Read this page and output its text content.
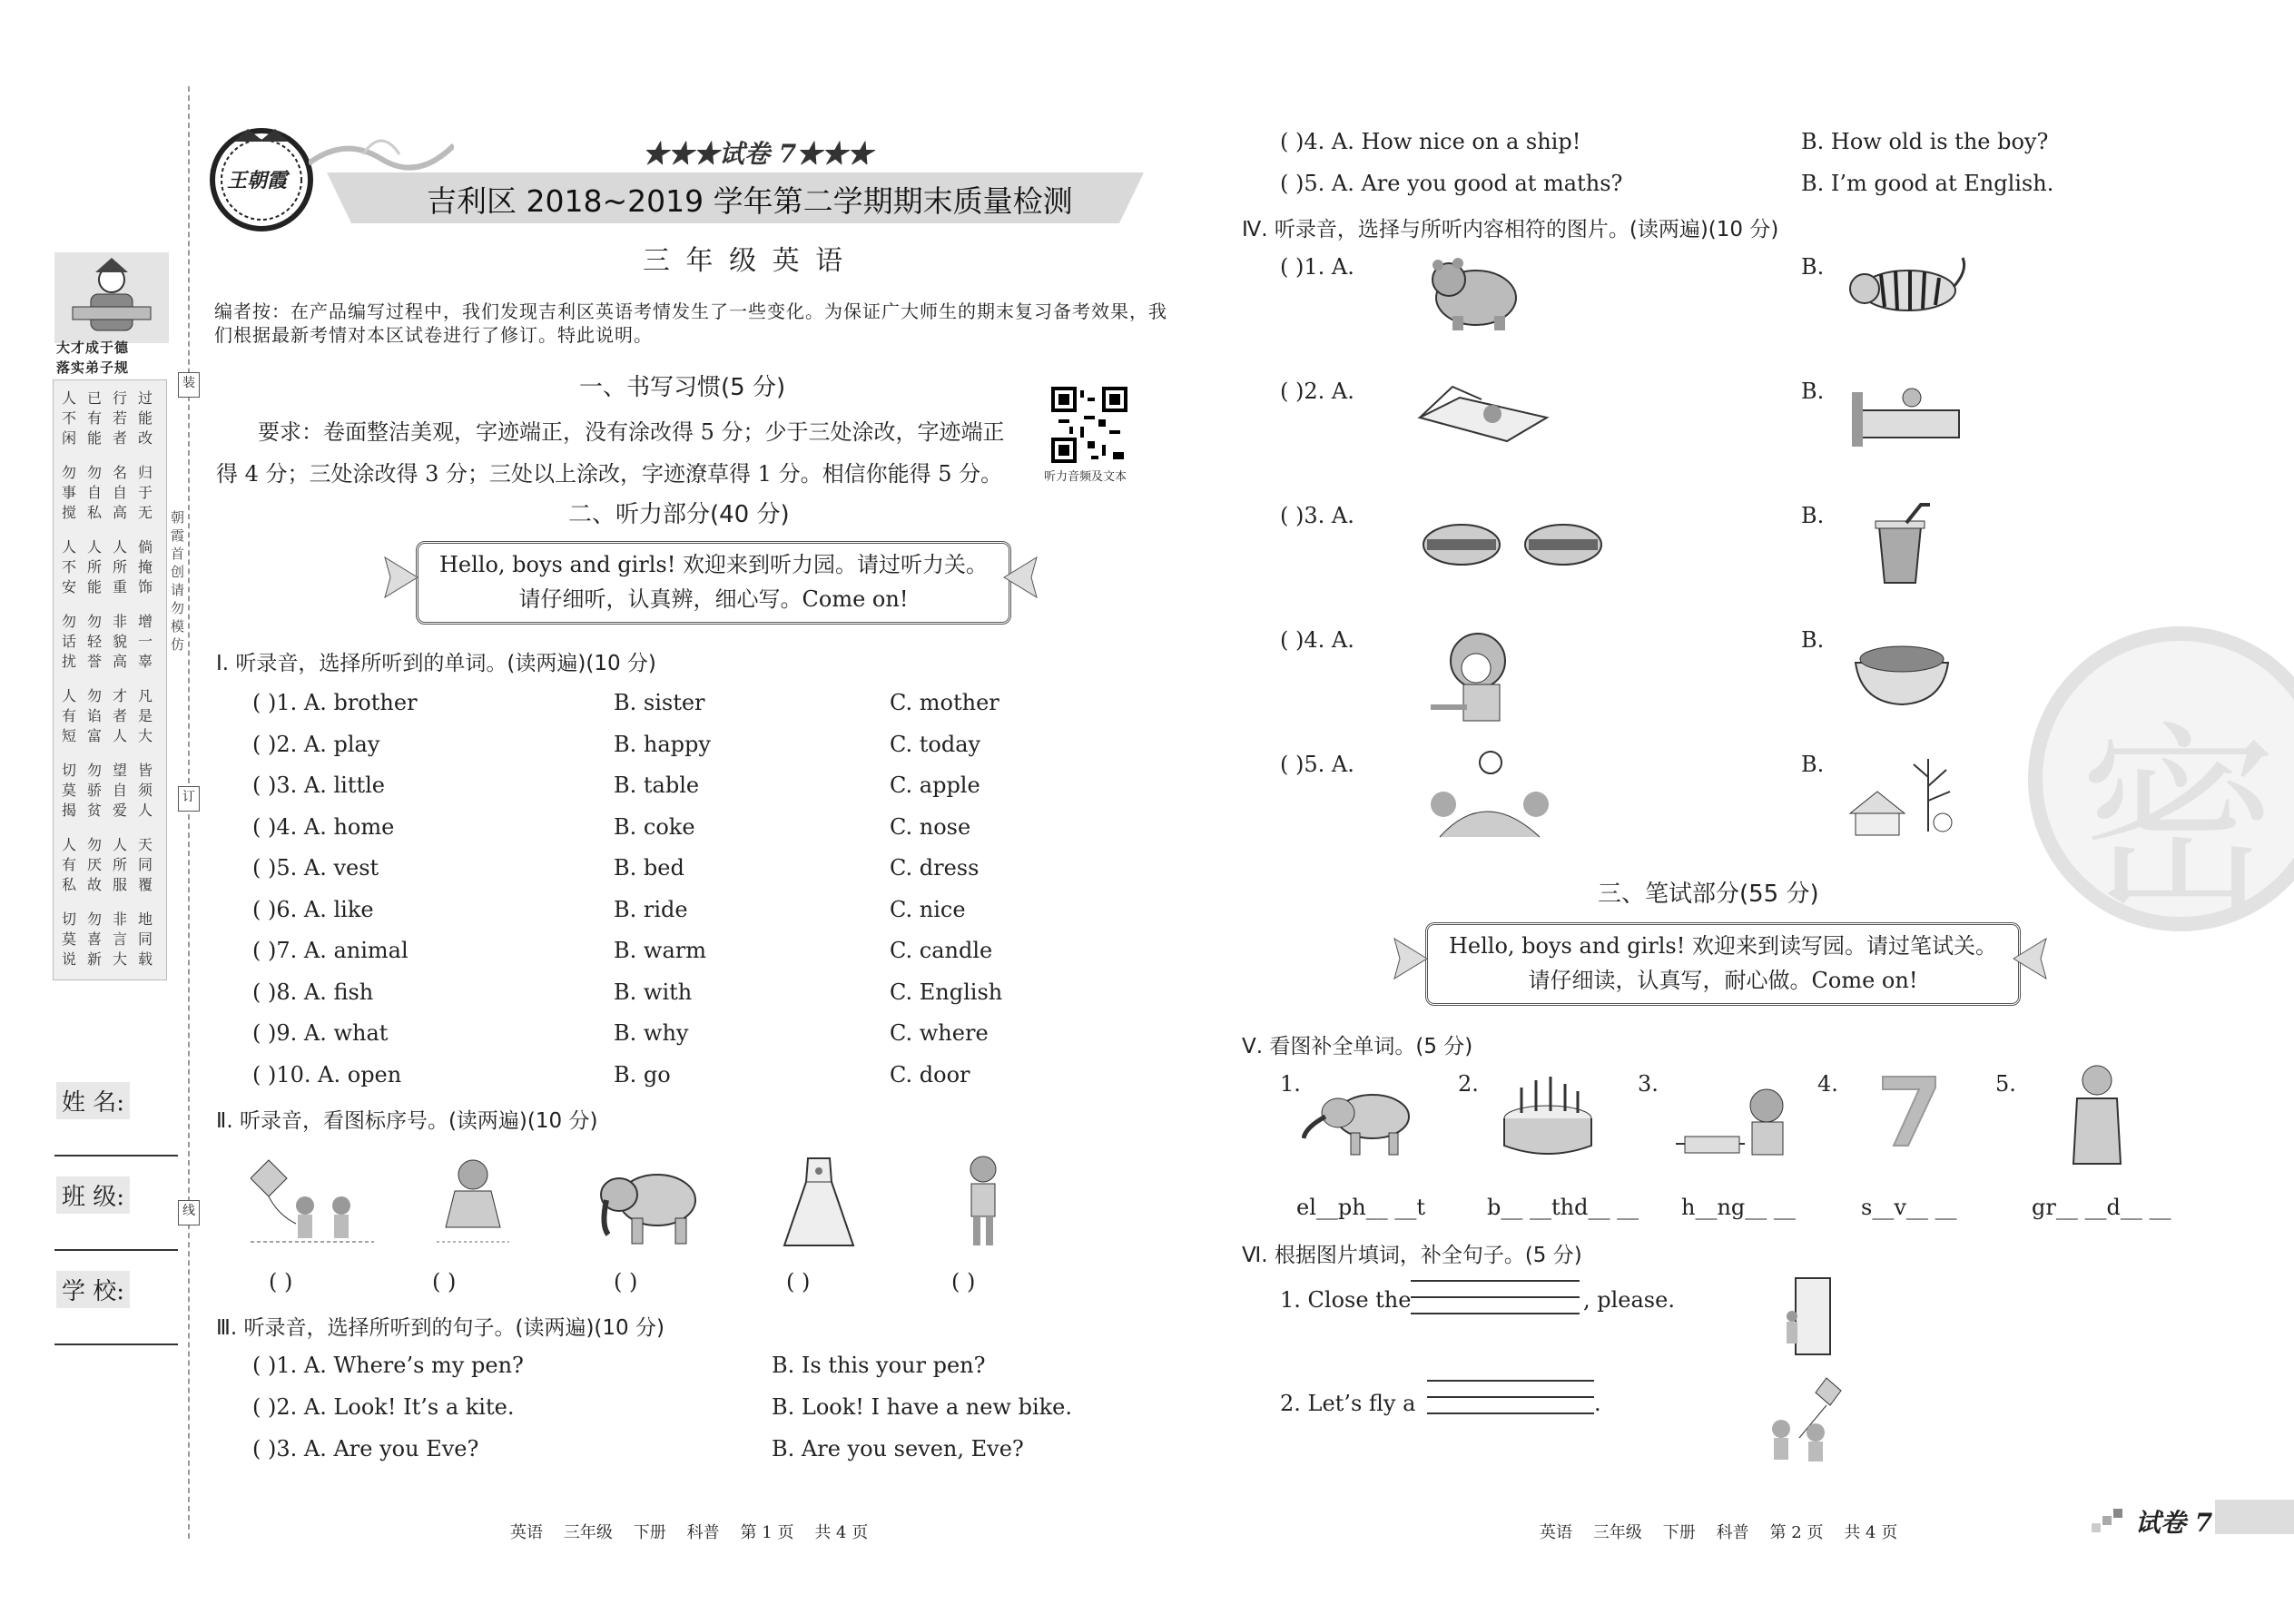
大才成于德
落实弟子规
人不闲
已有能
行若者
过能改
勿事搅
勿自私
名自高
归于无
人不安
人所能
人所重
倘掩饰
勿话扰
勿轻誉
非貌高
增一辜
人有短
勿谄富
才者人
凡是大
切莫揭
勿骄贫
望自爱
皆须人
人有私
勿厌故
人所服
天同覆
切莫说
勿喜新
非言大
地同载
朝霞首创 请勿模仿
装
订
线
姓 名:
班 级:
学 校:
王朝霞
★★★试卷 7★★★
吉利区 2018~2019 学年第二学期期末质量检测
三 年 级 英 语
编者按：在产品编写过程中，我们发现吉利区英语考情发生了一些变化。为保证广大师生的期末复习备考效果，我们根据最新考情对本区试卷进行了修订。特此说明。
一、书写习惯(5 分)
要求：卷面整洁美观，字迹端正，没有涂改得 5 分；少于三处涂改，字迹端正
得 4 分；三处涂改得 3 分；三处以上涂改，字迹潦草得 1 分。相信你能得 5 分。	听力音频及文本
二、听力部分(40 分)
Hello, boys and girls! 欢迎来到听力园。请过听力关。
请仔细听，认真辨，细心写。Come on!
Ⅰ. 听录音，选择所听到的单词。(读两遍)(10 分)
( )1. A. brother	B. sister	C. mother
( )2. A. play	B. happy	C. today
( )3. A. little	B. table	C. apple
( )4. A. home	B. coke	C. nose
( )5. A. vest	B. bed	C. dress
( )6. A. like	B. ride	C. nice
( )7. A. animal	B. warm	C. candle
( )8. A. fish	B. with	C. English
( )9. A. what	B. why	C. where
( )10. A. open	B. go	C. door
Ⅱ. 听录音，看图标序号。(读两遍)(10 分)
( )	( )	( )	( )	( )
Ⅲ. 听录音，选择所听到的句子。(读两遍)(10 分)
( )1. A. Where’s my pen?	B. Is this your pen?
( )2. A. Look! It’s a kite.	B. Look! I have a new bike.
( )3. A. Are you Eve?	B. Are you seven, Eve?
( )4. A. How nice on a ship!	B. How old is the boy?
( )5. A. Are you good at maths?	B. I’m good at English.
英语    三年级    下册    科普    第 1 页    共 4 页
Ⅳ. 听录音，选择与所听内容相符的图片。(读两遍)(10 分)
( )1. A.	B.
( )2. A.	B.
( )3. A.	B.
( )4. A.	B.
( )5. A.	B. 密
三、笔试部分(55 分)
Hello, boys and girls! 欢迎来到读写园。请过笔试关。
请仔细读，认真写，耐心做。Come on!
Ⅴ. 看图补全单词。(5 分)
1.	2.	3.	4.	5.
el__ph__ __t	b__ __thd__ __ h__ng__ __	s__v__ __	gr__ __d__ __
Ⅵ. 根据图片填词，补全句子。(5 分)
1. Close the	, please.
2. Let’s fly a	.
英语    三年级    下册    科普    第 2 页    共 4 页	试卷 7
